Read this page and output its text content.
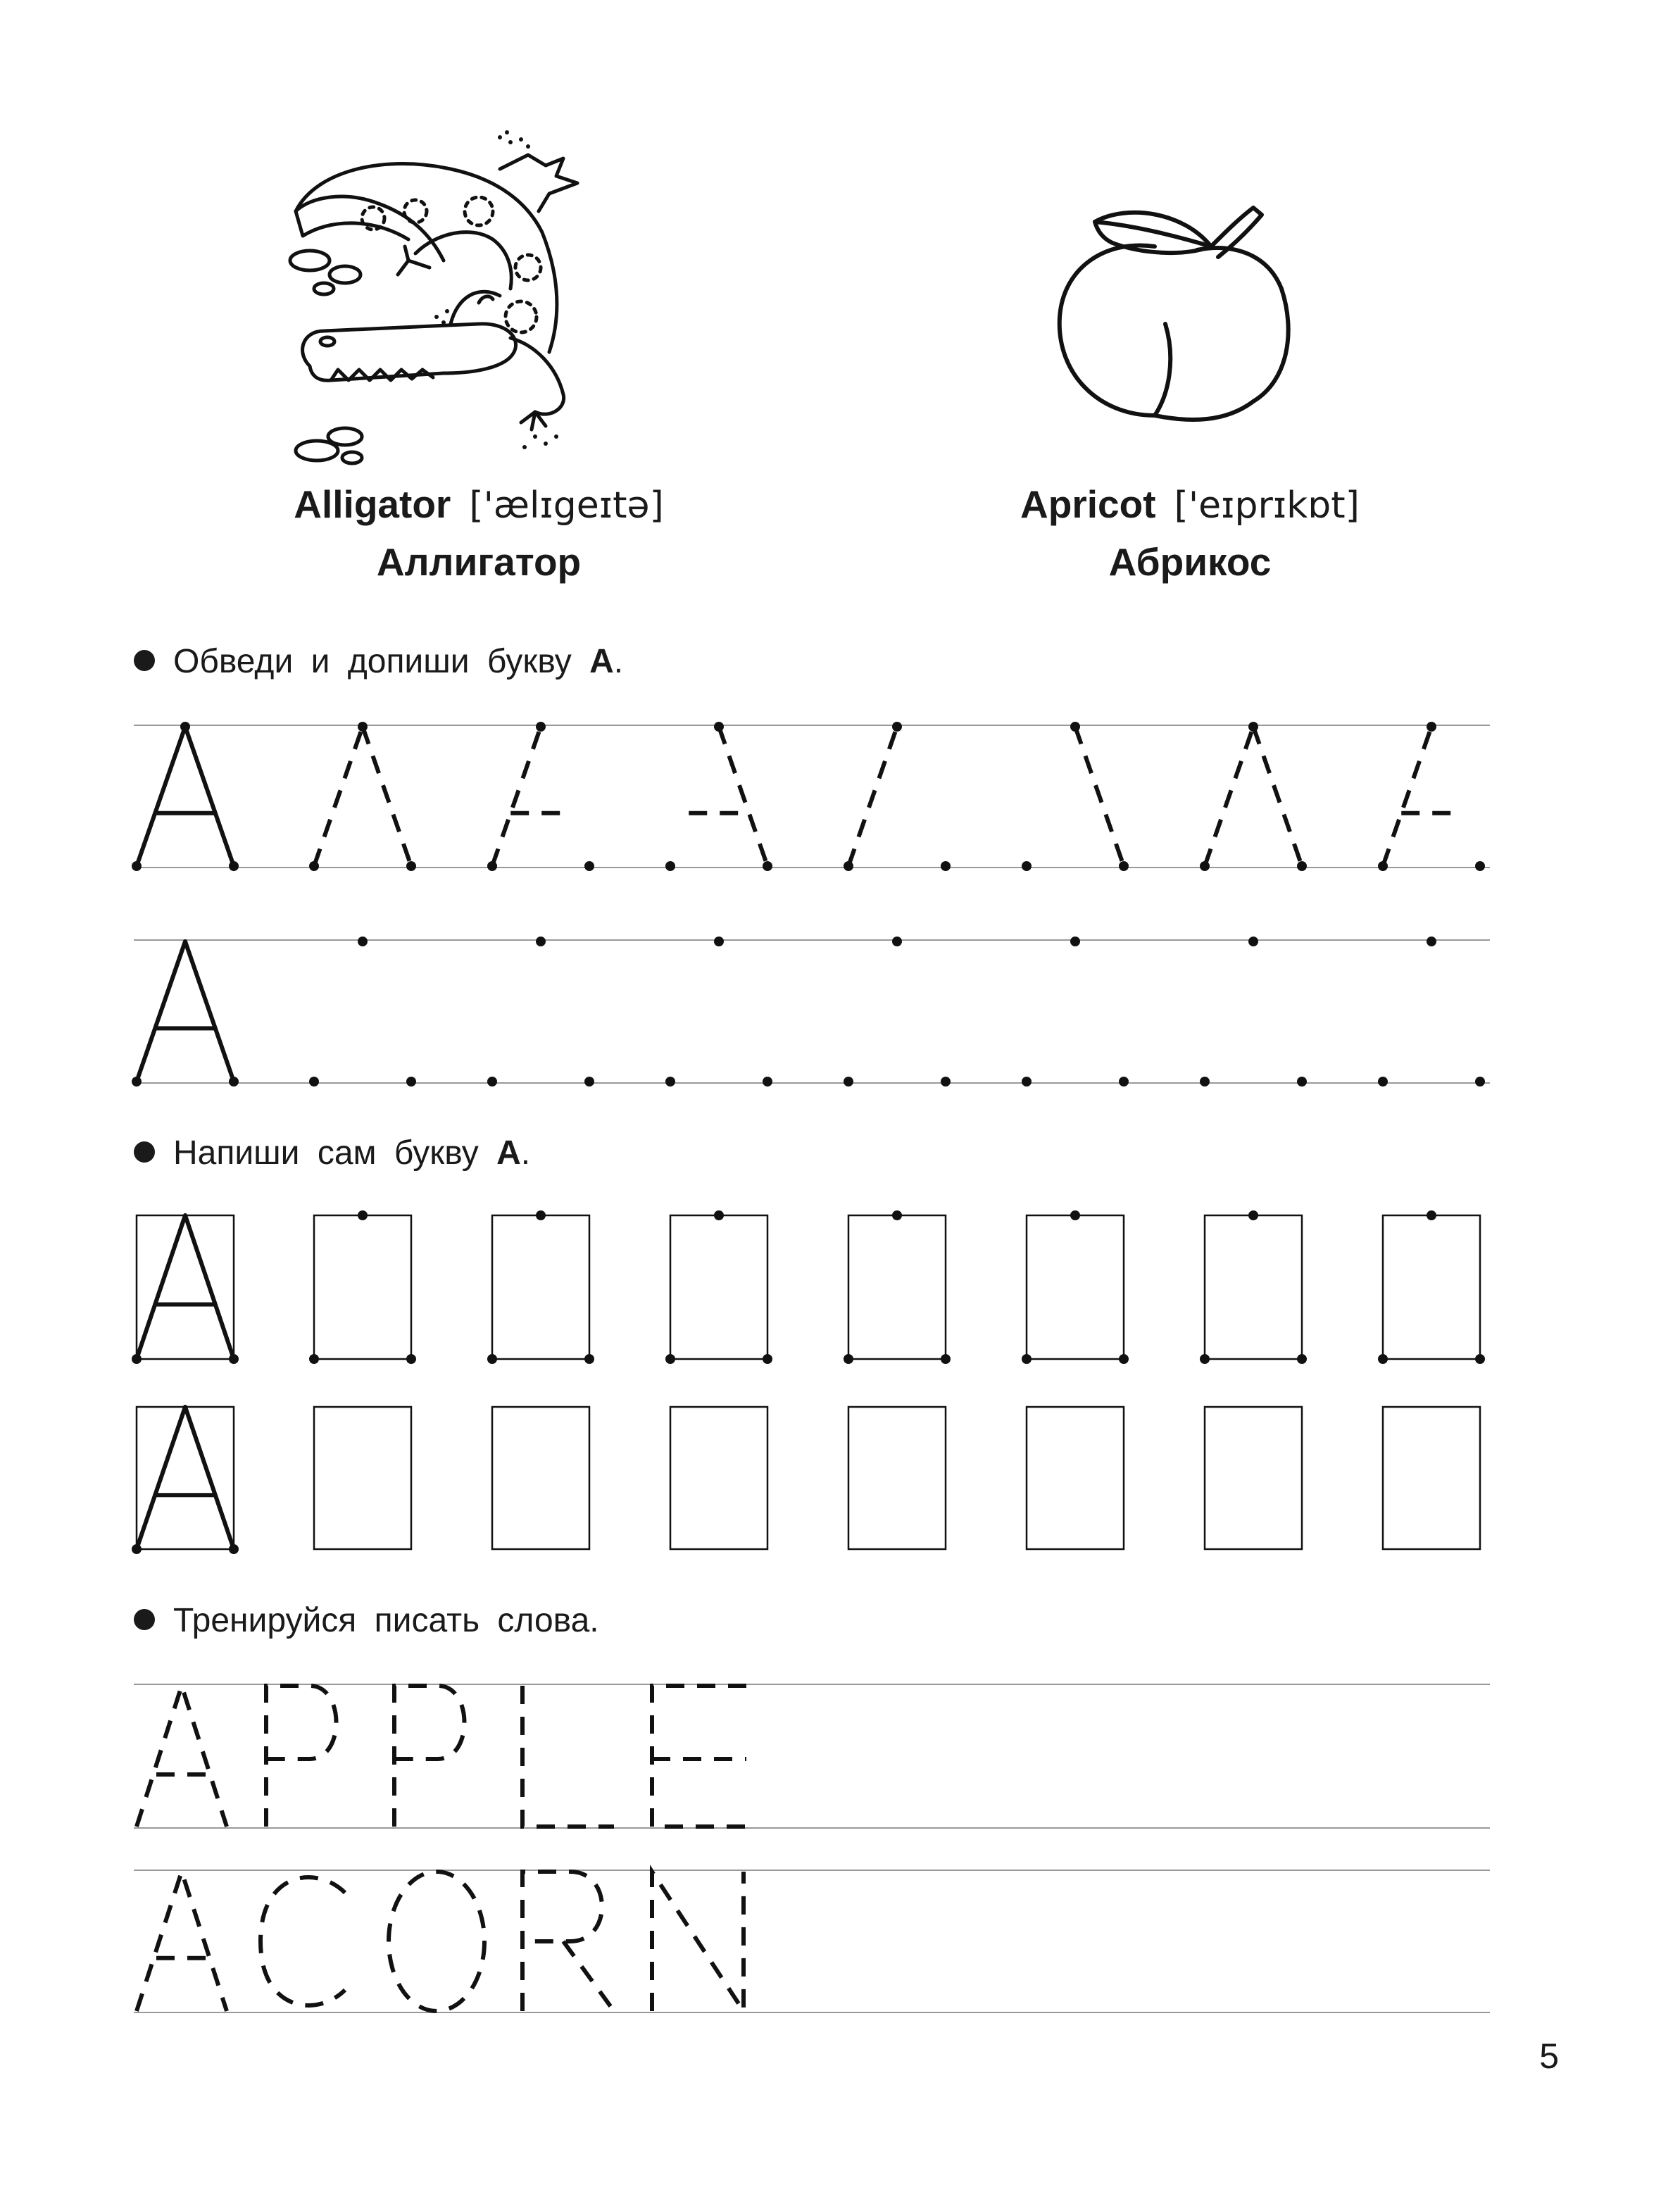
Alligator ['ælɪgeɪtə]
Аллигатор
Apricot ['eɪprɪkɒt]
Абрикос
Обведи и допиши букву А.
Напиши сам букву А.
Тренируйся писать слова.
5
